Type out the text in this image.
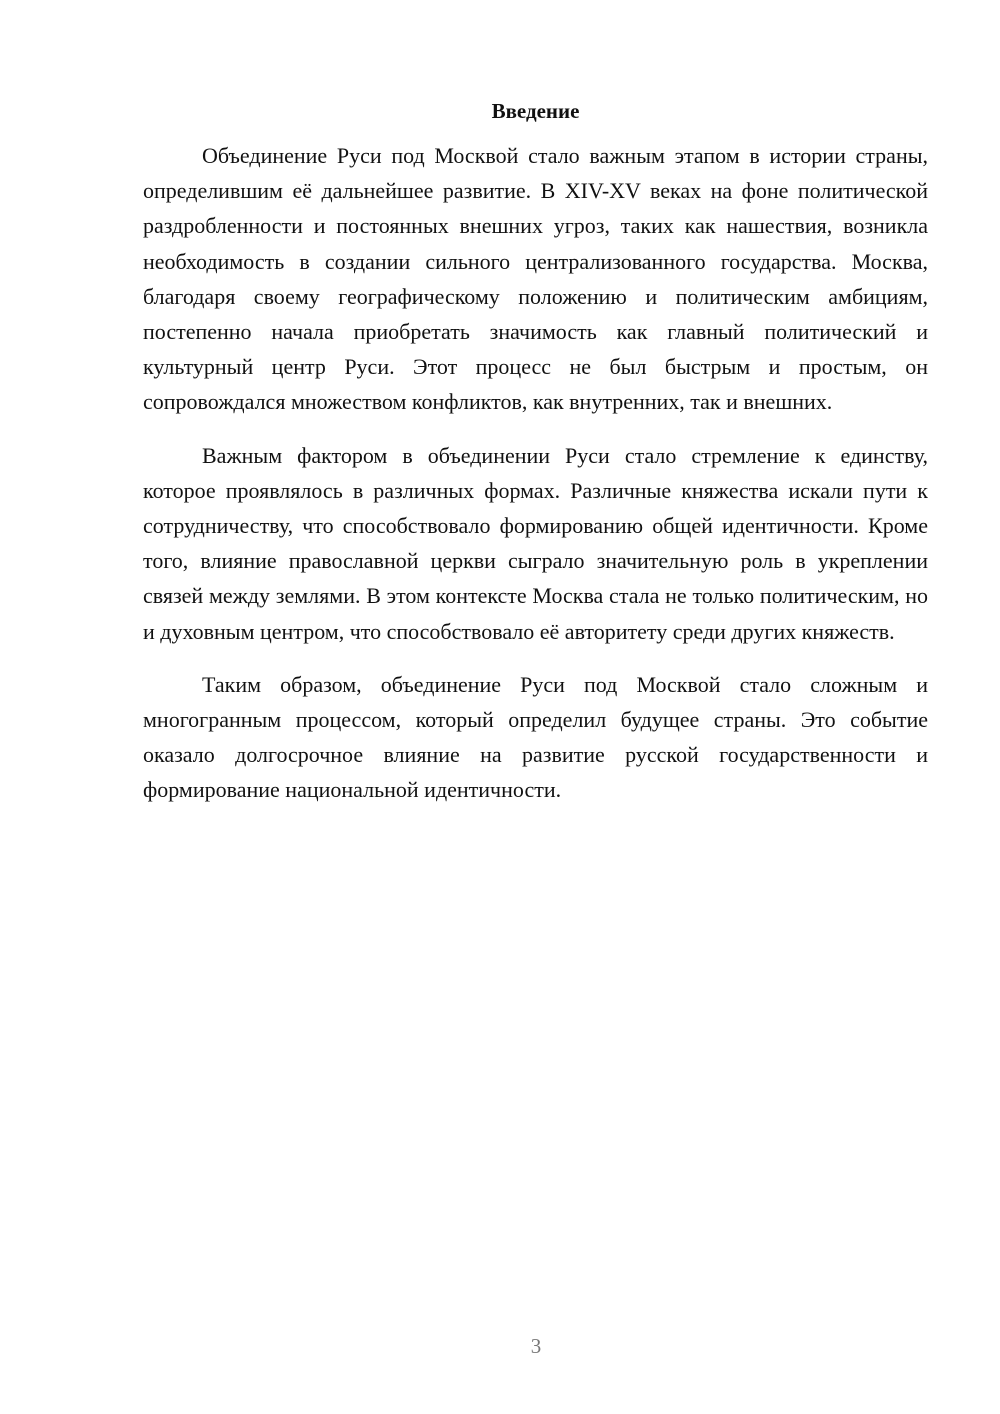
Введение

Объединение Руси под Москвой стало важным этапом в истории страны, определившим её дальнейшее развитие. В XIV-XV веках на фоне политической раздробленности и постоянных внешних угроз, таких как нашествия, возникла необходимость в создании сильного централизованного государства. Москва, благодаря своему географическому положению и политическим амбициям, постепенно начала приобретать значимость как главный политический и культурный центр Руси. Этот процесс не был быстрым и простым, он сопровождался множеством конфликтов, как внутренних, так и внешних.

Важным фактором в объединении Руси стало стремление к единству, которое проявлялось в различных формах. Различные княжества искали пути к сотрудничеству, что способствовало формированию общей идентичности. Кроме того, влияние православной церкви сыграло значительную роль в укреплении связей между землями. В этом контексте Москва стала не только политическим, но и духовным центром, что способствовало её авторитету среди других княжеств.

Таким образом, объединение Руси под Москвой стало сложным и многогранным процессом, который определил будущее страны. Это событие оказало долгосрочное влияние на развитие русской государственности и формирование национальной идентичности.

3
